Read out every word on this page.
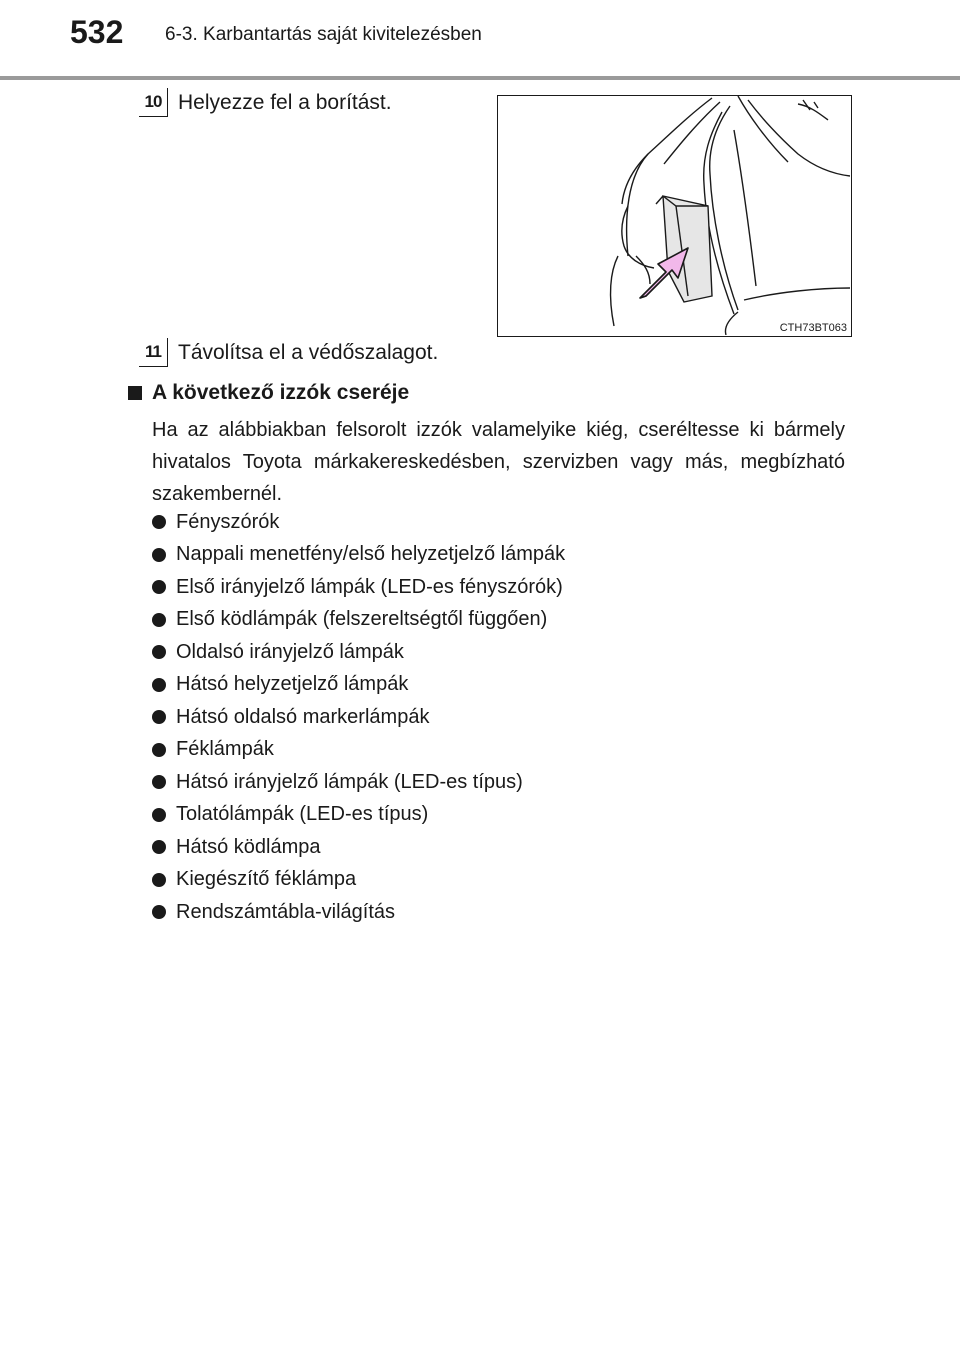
532 6-3. Karbantartás saját kivitelezésben
10 Helyezze fel a borítást.
CTH73BT063
11 Távolítsa el a védőszalagot.
A következő izzók cseréje
Ha az alábbiakban felsorolt izzók valamelyike kiég, cseréltesse ki bármely hivatalos Toyota márkakereskedésben, szervizben vagy más, megbízható szakembernél.
Fényszórók
Nappali menetfény/első helyzetjelző lámpák
Első irányjelző lámpák (LED-es fényszórók)
Első ködlámpák (felszereltségtől függően)
Oldalsó irányjelző lámpák
Hátsó helyzetjelző lámpák
Hátsó oldalsó markerlámpák
Féklámpák
Hátsó irányjelző lámpák (LED-es típus)
Tolatólámpák (LED-es típus)
Hátsó ködlámpa
Kiegészítő féklámpa
Rendszámtábla-világítás
